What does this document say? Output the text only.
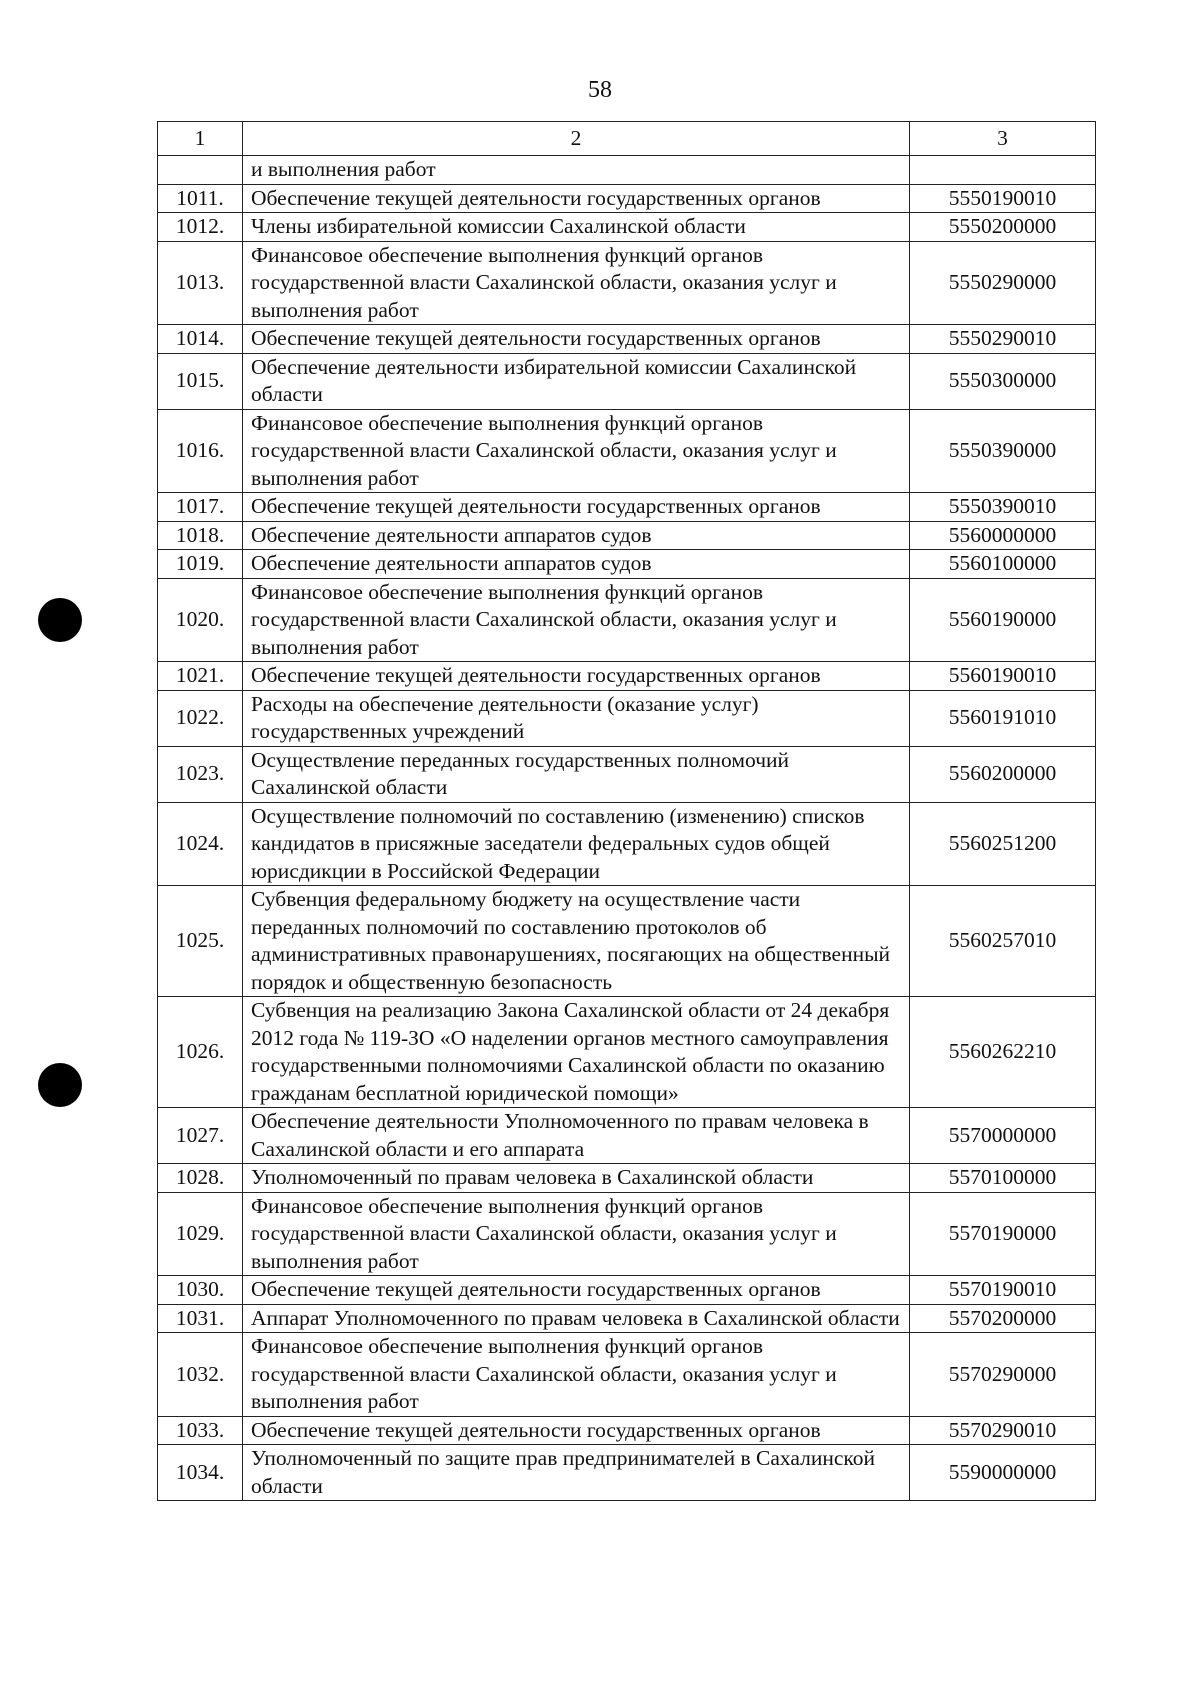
58
1	2	3
	и выполнения работ	
1011.	Обеспечение текущей деятельности государственных органов	5550190010
1012.	Члены избирательной комиссии Сахалинской области	5550200000
1013.	Финансовое обеспечение выполнения функций органов государственной власти Сахалинской области, оказания услуг и выполнения работ	5550290000
1014.	Обеспечение текущей деятельности государственных органов	5550290010
1015.	Обеспечение деятельности избирательной комиссии Сахалинской области	5550300000
1016.	Финансовое обеспечение выполнения функций органов государственной власти Сахалинской области, оказания услуг и выполнения работ	5550390000
1017.	Обеспечение текущей деятельности государственных органов	5550390010
1018.	Обеспечение деятельности аппаратов судов	5560000000
1019.	Обеспечение деятельности аппаратов судов	5560100000
1020.	Финансовое обеспечение выполнения функций органов государственной власти Сахалинской области, оказания услуг и выполнения работ	5560190000
1021.	Обеспечение текущей деятельности государственных органов	5560190010
1022.	Расходы на обеспечение деятельности (оказание услуг) государственных учреждений	5560191010
1023.	Осуществление переданных государственных полномочий Сахалинской области	5560200000
1024.	Осуществление полномочий по составлению (изменению) списков кандидатов в присяжные заседатели федеральных судов общей юрисдикции в Российской Федерации	5560251200
1025.	Субвенция федеральному бюджету на осуществление части переданных полномочий по составлению протоколов об административных правонарушениях, посягающих на общественный порядок и общественную безопасность	5560257010
1026.	Субвенция на реализацию Закона Сахалинской области от 24 декабря 2012 года № 119-ЗО «О наделении органов местного самоуправления государственными полномочиями Сахалинской области по оказанию гражданам бесплатной юридической помощи»	5560262210
1027.	Обеспечение деятельности Уполномоченного по правам человека в Сахалинской области и его аппарата	5570000000
1028.	Уполномоченный по правам человека в Сахалинской области	5570100000
1029.	Финансовое обеспечение выполнения функций органов государственной власти Сахалинской области, оказания услуг и выполнения работ	5570190000
1030.	Обеспечение текущей деятельности государственных органов	5570190010
1031.	Аппарат Уполномоченного по правам человека в Сахалинской области	5570200000
1032.	Финансовое обеспечение выполнения функций органов государственной власти Сахалинской области, оказания услуг и выполнения работ	5570290000
1033.	Обеспечение текущей деятельности государственных органов	5570290010
1034.	Уполномоченный по защите прав предпринимателей в Сахалинской области	5590000000
